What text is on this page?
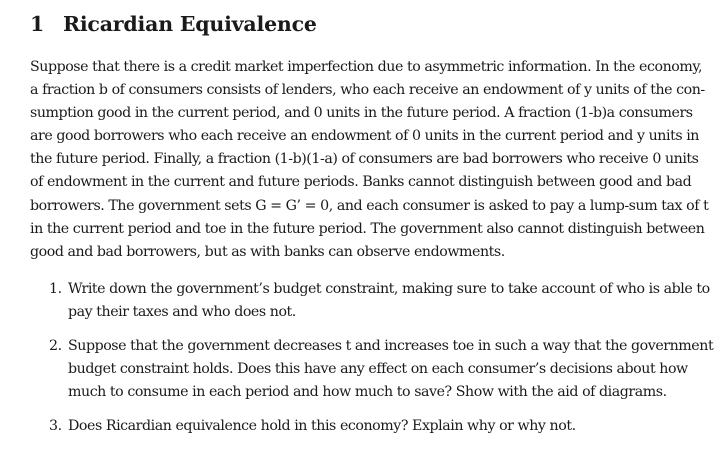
1 Ricardian Equivalence
Suppose that there is a credit market imperfection due to asymmetric information. In the economy,
a fraction b of consumers consists of lenders, who each receive an endowment of y units of the con-
sumption good in the current period, and 0 units in the future period. A fraction (1-b)a consumers
are good borrowers who each receive an endowment of 0 units in the current period and y units in
the future period. Finally, a fraction (1-b)(1-a) of consumers are bad borrowers who receive 0 units
of endowment in the current and future periods. Banks cannot distinguish between good and bad
borrowers. The government sets G = G’ = 0, and each consumer is asked to pay a lump-sum tax of t
in the current period and toe in the future period. The government also cannot distinguish between
good and bad borrowers, but as with banks can observe endowments.
1. Write down the government’s budget constraint, making sure to take account of who is able to
pay their taxes and who does not.
2. Suppose that the government decreases t and increases toe in such a way that the government
budget constraint holds. Does this have any effect on each consumer’s decisions about how
much to consume in each period and how much to save? Show with the aid of diagrams.
3. Does Ricardian equivalence hold in this economy? Explain why or why not.
